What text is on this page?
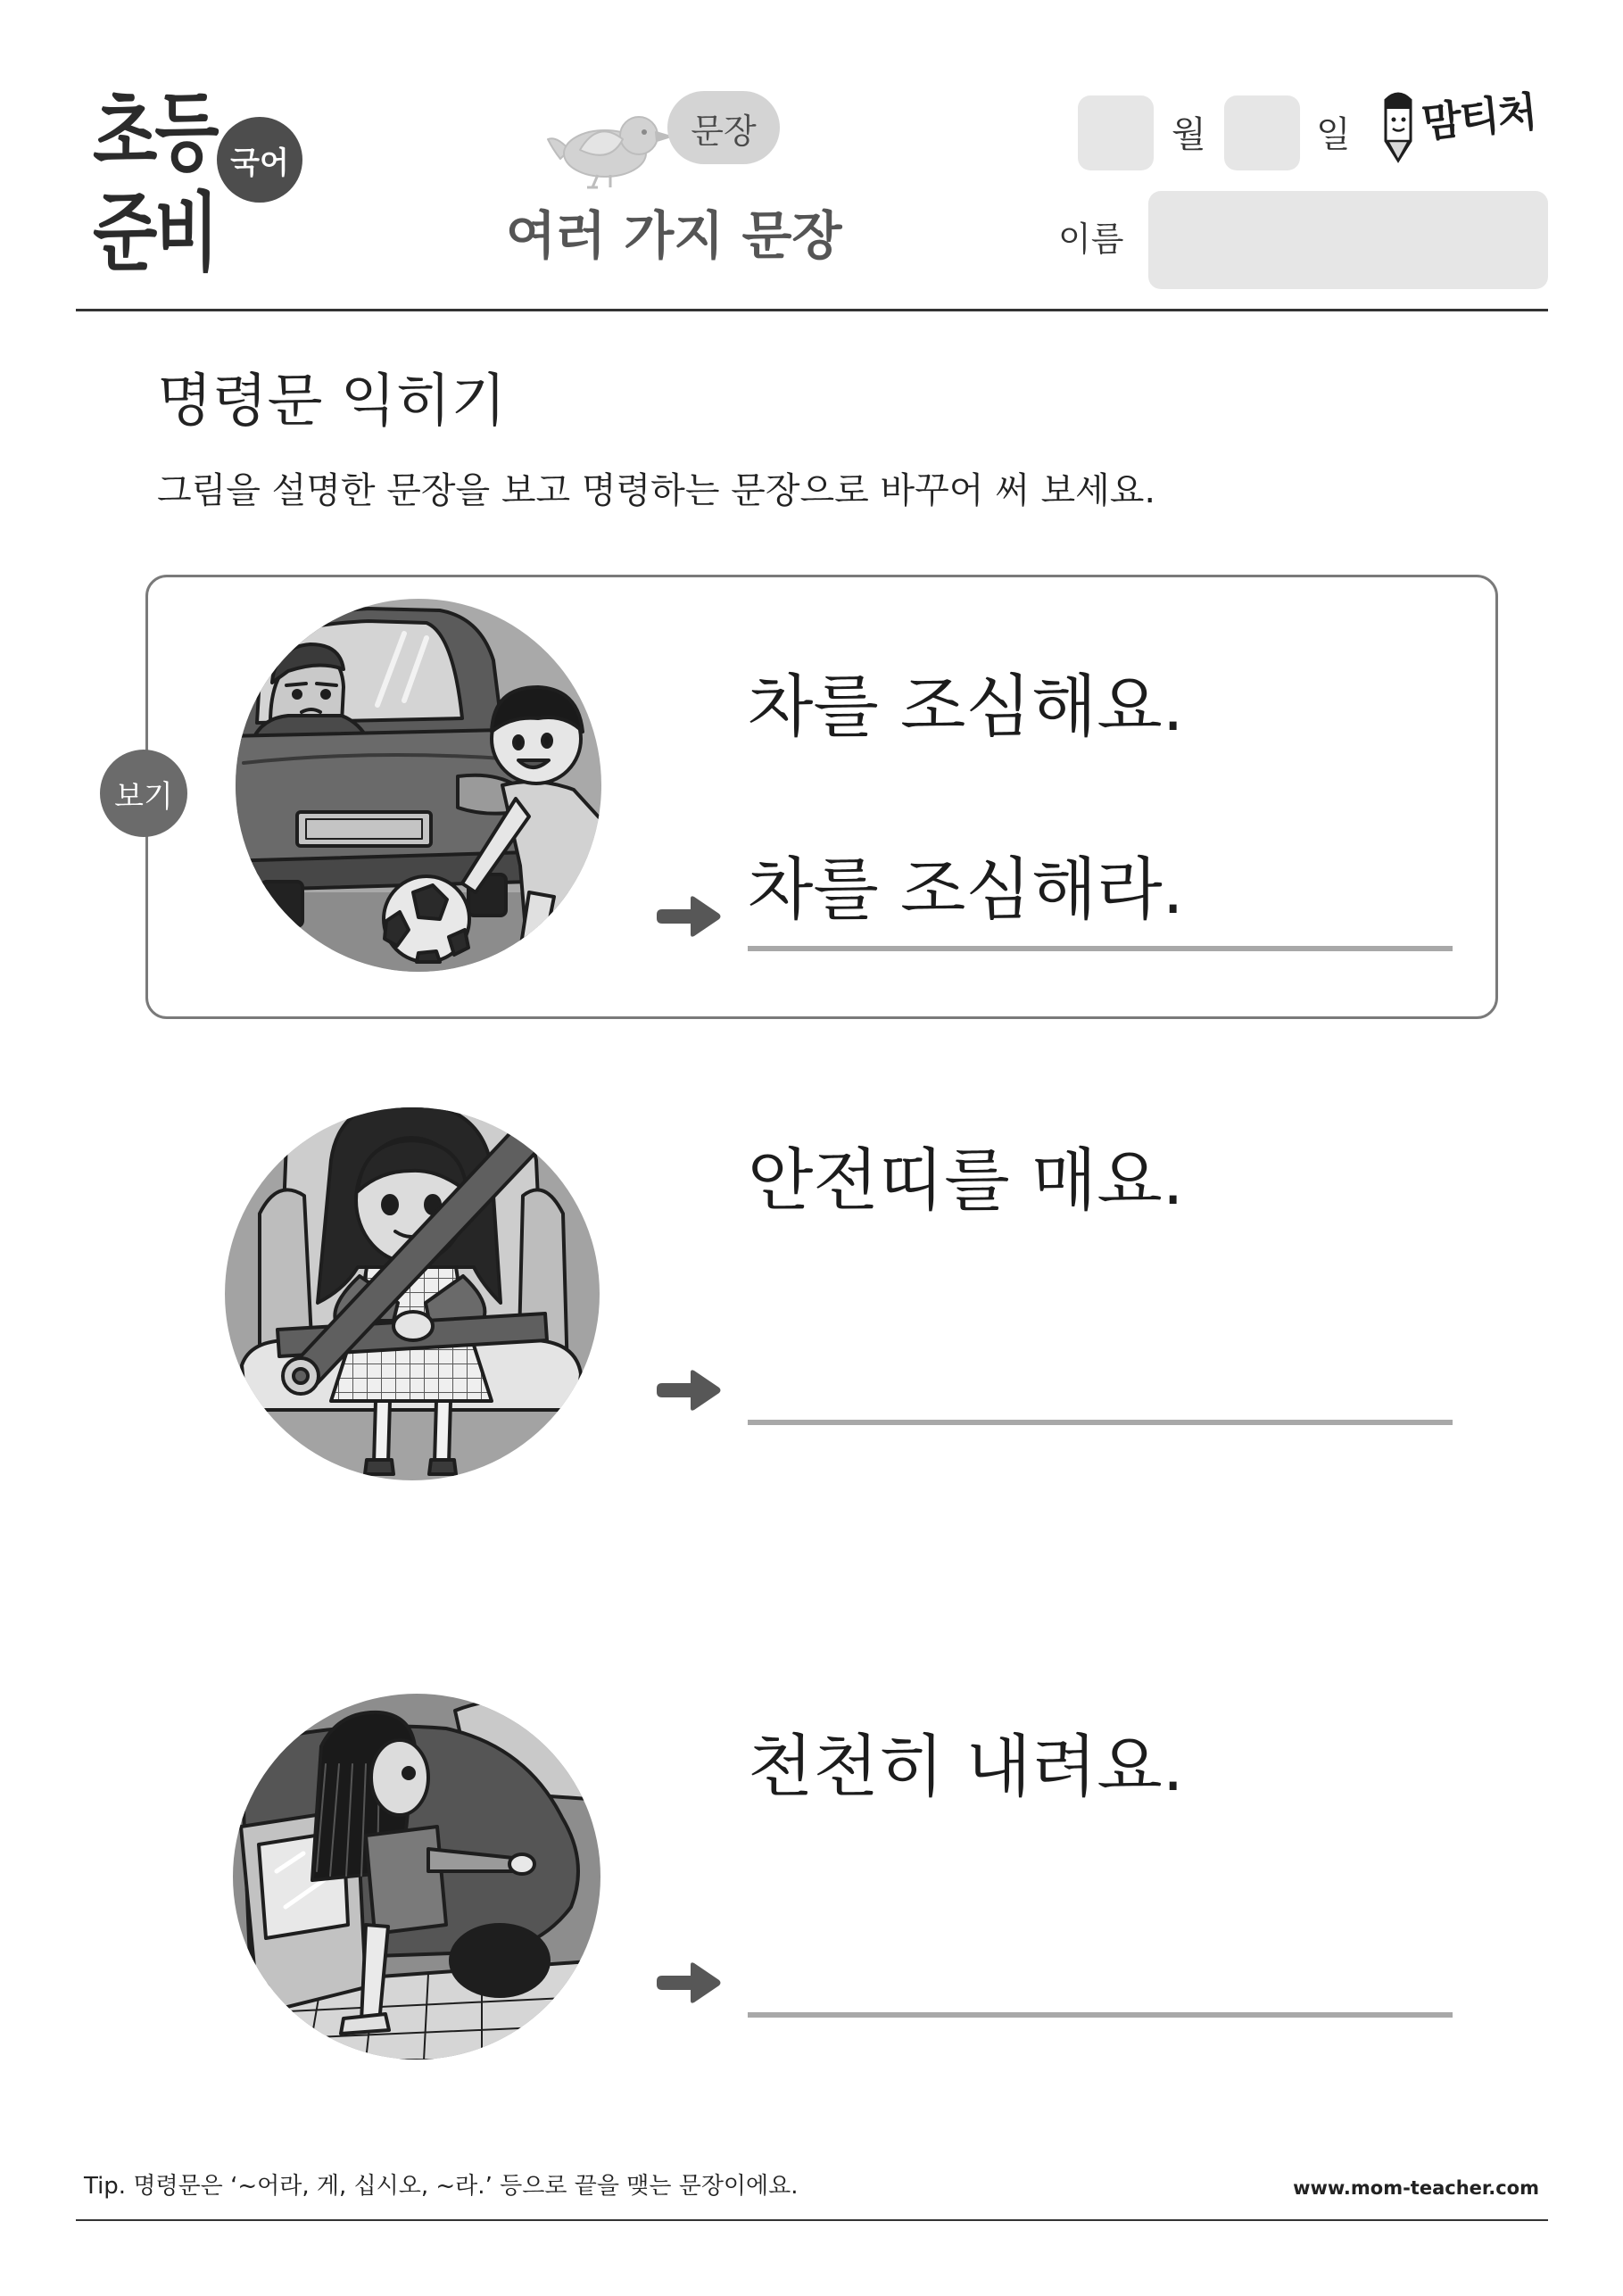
초등
준비
국어
문장
여러 가지 문장
월	일 맘티처
이름
명령문 익히기

그림을 설명한 문장을 보고 명령하는 문장으로 바꾸어 써 보세요.

보기
차를 조심해요.
차를 조심해라.
안전띠를 매요.
천천히 내려요.
Tip. 명령문은 ‘~어라, 게, 십시오, ~라.’ 등으로 끝을 맺는 문장이에요.	www.mom-teacher.com
